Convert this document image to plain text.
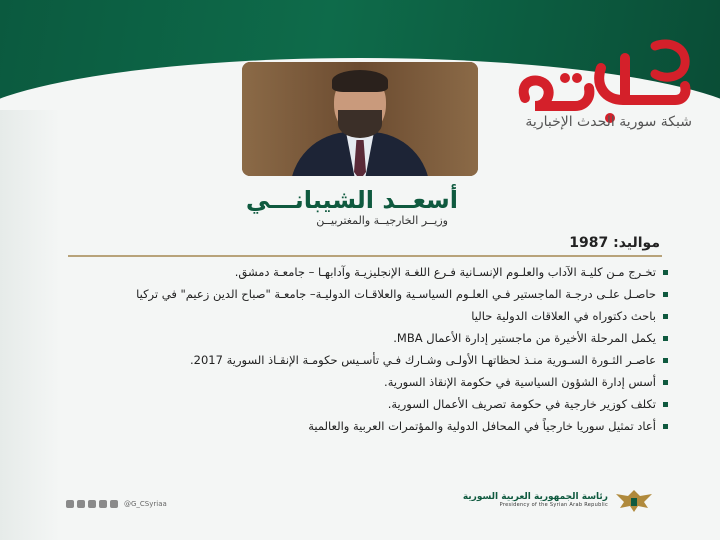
شبكة سورية الحدث الإخبارية
أسعــد الشيبانـــي
وزيــر الخارجيــة والمغتربيــن
مواليد: 1987
تخـرج مـن كليـة الآداب والعلـوم الإنسـانية فـرع اللغـة الإنجليزيـة وآدابهـا – جامعـة دمشق.
حاصـل علـى درجـة الماجستير فـي العلـوم السياسـية والعلاقـات الدوليـة– جامعـة "صباح الدين زعيم" في تركيا
باحث دكتوراه في العلاقات الدولية حاليا
يكمل المرحلة الأخيرة من ماجستير إدارة الأعمال MBA.
عاصـر الثـورة السـورية منـذ لحظاتهـا الأولـى وشـارك فـي تأسـيس حكومـة الإنقـاذ السورية 2017.
أسس إدارة الشؤون السياسية في حكومة الإنقاذ السورية.
تكلف كوزير خارجية في حكومة تصريف الأعمال السورية.
أعاد تمثيل سوريا خارجياً في المحافل الدولية والمؤتمرات العربية والعالمية
@G_CSyriaa
رئاسة الجمهورية العربية السورية
Presidency of the Syrian Arab Republic
